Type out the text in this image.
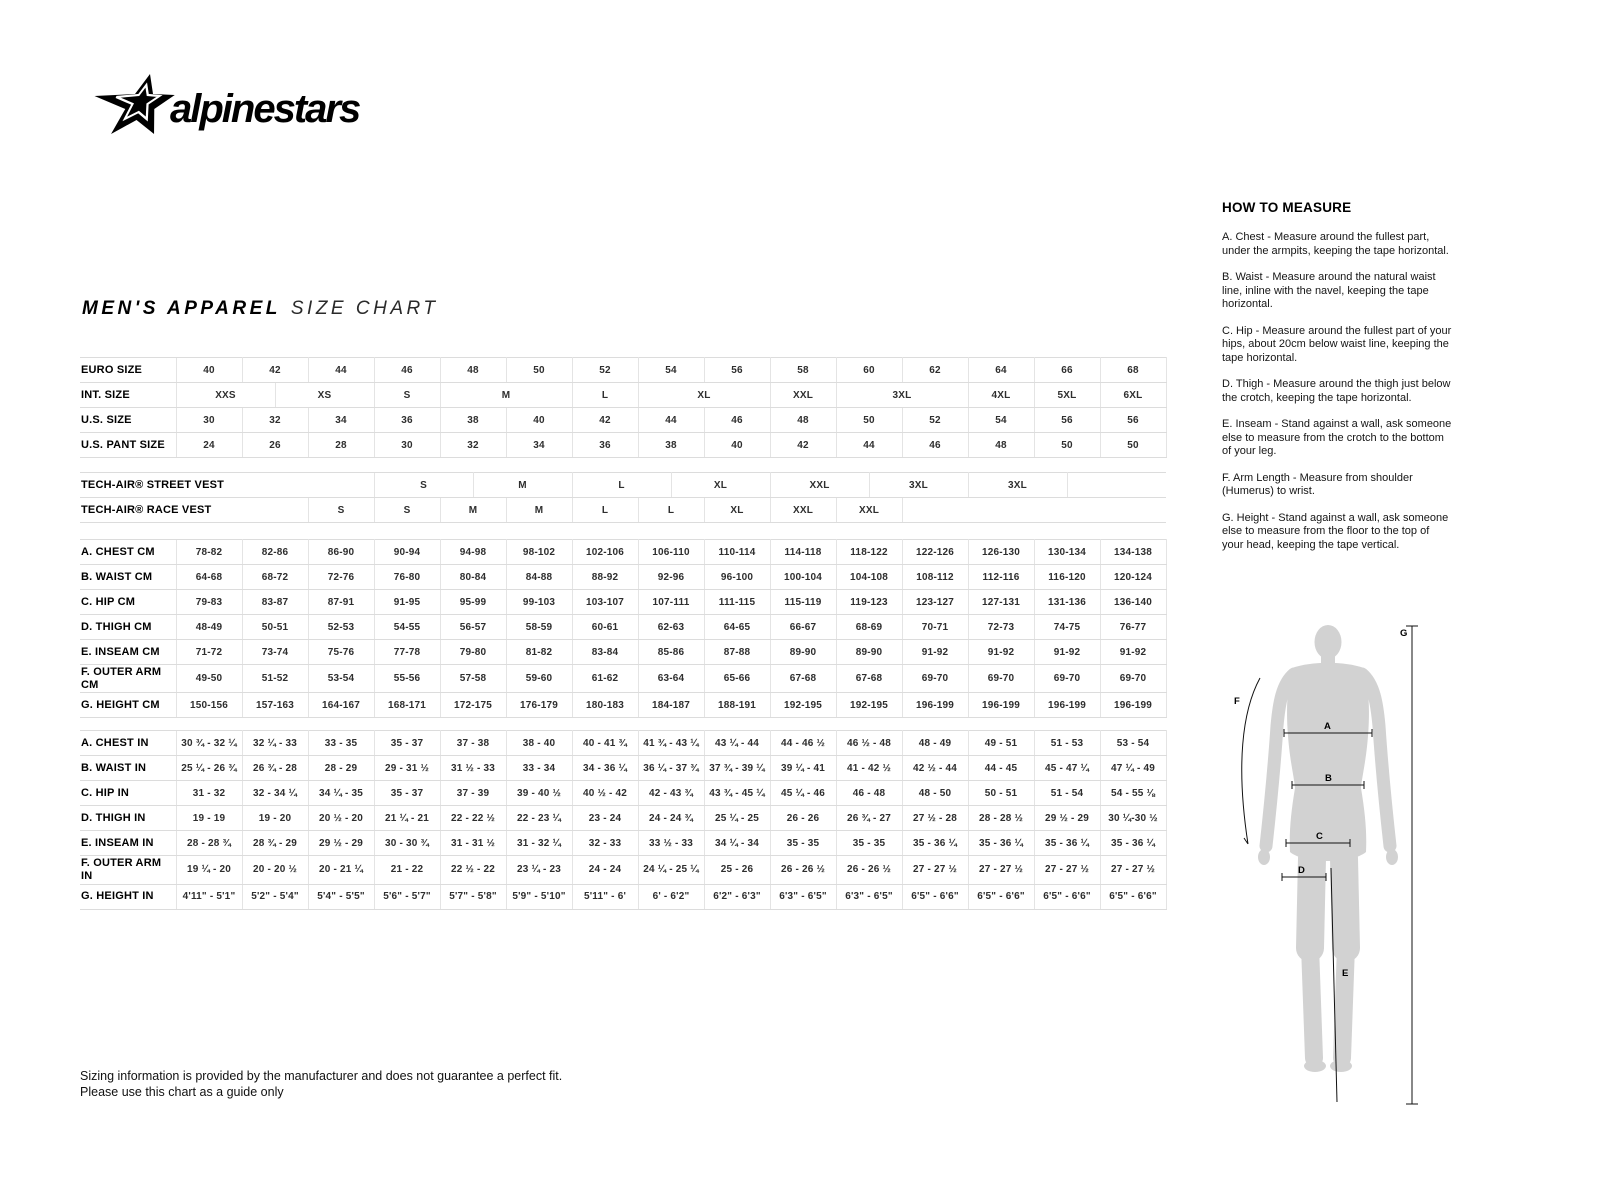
alpinestars
MEN'S APPAREL SIZE CHART
EURO SIZE	40	42		44	46	48		50	52	54		56	58	60		62	64	66		68
INT. SIZE	XXS		XS		S	M			L	XL			XXL	3XL			4XL	5XL		6XL
U.S. SIZE	30	32		34	36	38		40	42	44		46	48	50		52	54	56		56
U.S. PANT SIZE	24	26		28	30	32		34	36	38		40	42	44		46	48	50		50

TECH-AIR® STREET VEST					S		M		L		XL		XXL		3XL		3XL			
TECH-AIR® RACE VEST				S	S	M		M	L	L		XL	XXL	XXL						

A. CHEST CM	78-82	82-86		86-90	90-94	94-98		98-102	102-106	106-110		110-114	114-118	118-122		122-126	126-130	130-134		134-138
B. WAIST CM	64-68	68-72		72-76	76-80	80-84		84-88	88-92	92-96		96-100	100-104	104-108		108-112	112-116	116-120		120-124
C. HIP CM	79-83	83-87		87-91	91-95	95-99		99-103	103-107	107-111		111-115	115-119	119-123		123-127	127-131	131-136		136-140
D. THIGH CM	48-49	50-51		52-53	54-55	56-57		58-59	60-61	62-63		64-65	66-67	68-69		70-71	72-73	74-75		76-77
E. INSEAM CM	71-72	73-74		75-76	77-78	79-80		81-82	83-84	85-86		87-88	89-90	89-90		91-92	91-92	91-92		91-92
F. OUTER ARM CM	49-50	51-52		53-54	55-56	57-58		59-60	61-62	63-64		65-66	67-68	67-68		69-70	69-70	69-70		69-70
G. HEIGHT CM	150-156	157-163		164-167	168-171	172-175		176-179	180-183	184-187		188-191	192-195	192-195		196-199	196-199	196-199		196-199

A. CHEST IN	30 ¾ - 32 ¼	32 ¼ - 33		33 - 35	35 - 37	37 - 38		38 - 40	40 - 41 ¾	41 ¾ - 43 ¼		43 ¼ - 44	44 - 46 ½	46 ½ - 48		48 - 49	49 - 51	51 - 53		53 - 54
B. WAIST IN	25 ¼ - 26 ¾	26 ¾ - 28		28 - 29	29 - 31 ½	31 ½ - 33		33 - 34	34 - 36 ¼	36 ¼ - 37 ¾		37 ¾ - 39 ¼	39 ¼ - 41	41 - 42 ½		42 ½ - 44	44 - 45	45 - 47 ¼		47 ¼ - 49
C. HIP IN	31 - 32	32 - 34 ¼		34 ¼ - 35	35 - 37	37 - 39		39 - 40 ½	40 ½ - 42	42 - 43 ¾		43 ¾ - 45 ¼	45 ¼ - 46	46 - 48		48 - 50	50 - 51	51 - 54		54 - 55 ⅛
D. THIGH IN	19 - 19	19 - 20		20 ½ - 20	21 ¼ - 21	22 - 22 ½		22 - 23 ¼	23 - 24	24 - 24 ¾		25 ¼ - 25	26 - 26	26 ¾ - 27		27 ½ - 28	28 - 28 ½	29 ½ - 29		30 ¼-30 ½
E. INSEAM IN	28 - 28 ¾	28 ¾ - 29		29 ½ - 29	30 - 30 ¾	31 - 31 ½		31 - 32 ¼	32 - 33	33 ½ - 33		34 ¼ - 34	35 - 35	35 - 35		35 - 36 ¼	35 - 36 ¼	35 - 36 ¼		35 - 36 ¼
F. OUTER ARM IN	19 ¼ - 20	20 - 20 ½		20 - 21 ¼	21 - 22	22 ½ - 22		23 ¼ - 23	24 - 24	24 ¼ - 25 ¼		25 - 26	26 - 26 ½	26 - 26 ½		27 - 27 ½	27 - 27 ½	27 - 27 ½		27 - 27 ½
G. HEIGHT IN	4'11" - 5'1"	5'2" - 5'4"		5'4" - 5'5"	5'6" - 5'7"	5'7" - 5'8"		5'9" - 5'10"	5'11" - 6'	6' - 6'2"		6'2" - 6'3"	6'3" - 6'5"	6'3" - 6'5"		6'5" - 6'6"	6'5" - 6'6"	6'5" - 6'6"		6'5" - 6'6"
HOW TO MEASURE

A. Chest - Measure around the fullest part, under the armpits, keeping the tape horizontal.

B. Waist - Measure around the natural waist line, inline with the navel, keeping the tape horizontal.

C. Hip - Measure around the fullest part of your hips, about 20cm below waist line, keeping the tape horizontal.

D. Thigh - Measure around the thigh just below the crotch, keeping the tape horizontal.

E. Inseam - Stand against a wall, ask someone else to measure from the crotch to the bottom of your leg.

F. Arm Length - Measure from shoulder (Humerus) to wrist.

G. Height - Stand against a wall, ask someone else to measure from the floor to the top of your head, keeping the tape vertical.

A
B
C
D
E
F
G
Sizing information is provided by the manufacturer and does not guarantee a perfect fit.
Please use this chart as a guide only
